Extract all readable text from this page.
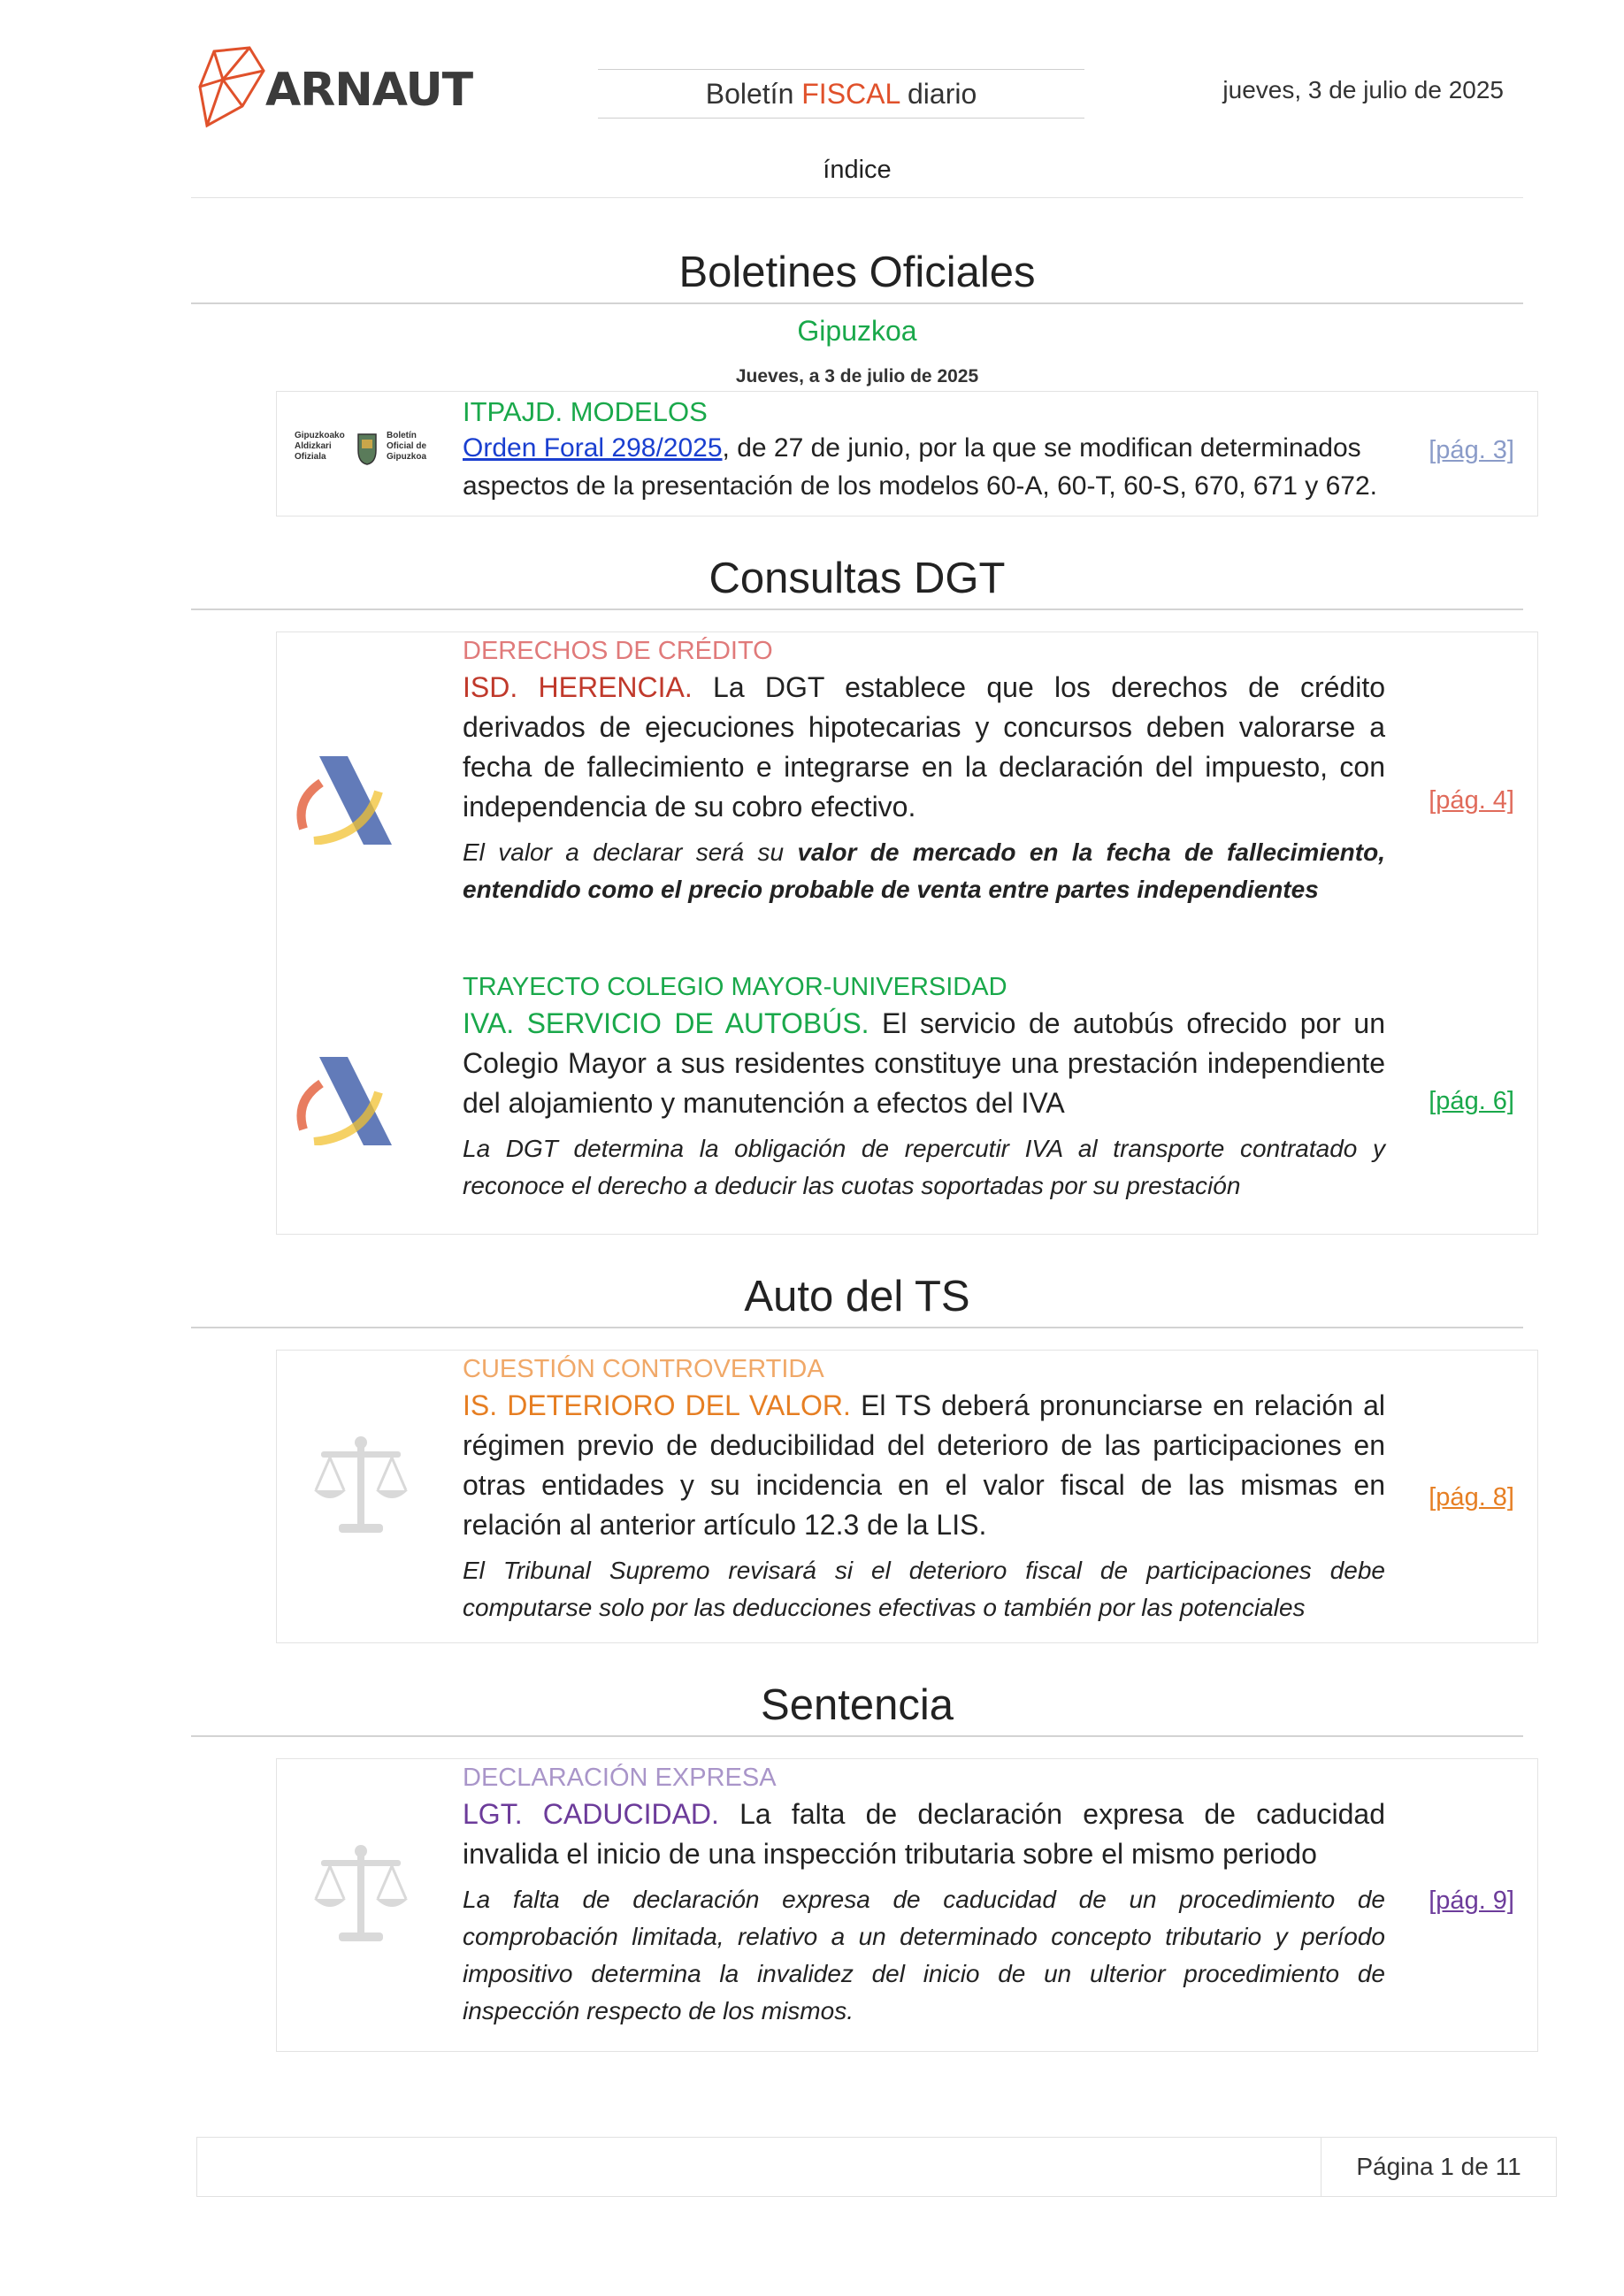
ARNAUT	Boletín FISCAL diario	jueves, 3 de julio de 2025
índice
Boletines Oficiales
Gipuzkoa
Jueves, a 3 de julio de 2025
Gipuzkoako
Aldizkari
Ofiziala
Boletín
Oficial de
Gipuzkoa
ITPAJD. MODELOS
Orden Foral 298/2025, de 27 de junio, por la que se modifican determinados aspectos de la presentación de los modelos 60-A, 60-T, 60-S, 670, 671 y 672.
[pág. 3]
Consultas DGT
DERECHOS DE CRÉDITO
ISD. HERENCIA. La DGT establece que los derechos de crédito derivados de ejecuciones hipotecarias y concursos deben valorarse a fecha de fallecimiento e integrarse en la declaración del impuesto, con independencia de su cobro efectivo.
El valor a declarar será su valor de mercado en la fecha de fallecimiento, entendido como el precio probable de venta entre partes independientes
[pág. 4]
TRAYECTO COLEGIO MAYOR-UNIVERSIDAD
IVA. SERVICIO DE AUTOBÚS. El servicio de autobús ofrecido por un Colegio Mayor a sus residentes constituye una prestación independiente del alojamiento y manutención a efectos del IVA
La DGT determina la obligación de repercutir IVA al transporte contratado y reconoce el derecho a deducir las cuotas soportadas por su prestación
[pág. 6]
Auto del TS
CUESTIÓN CONTROVERTIDA
IS. DETERIORO DEL VALOR. El TS deberá pronunciarse en relación al régimen previo de deducibilidad del deterioro de las participaciones en otras entidades y su incidencia en el valor fiscal de las mismas en relación al anterior artículo 12.3 de la LIS.
El Tribunal Supremo revisará si el deterioro fiscal de participaciones debe computarse solo por las deducciones efectivas o también por las potenciales
[pág. 8]
Sentencia
DECLARACIÓN EXPRESA
LGT. CADUCIDAD. La falta de declaración expresa de caducidad invalida el inicio de una inspección tributaria sobre el mismo periodo
La falta de declaración expresa de caducidad de un procedimiento de comprobación limitada, relativo a un determinado concepto tributario y período impositivo determina la invalidez del inicio de un ulterior procedimiento de inspección respecto de los mismos.
[pág. 9]
Página 1 de 11
